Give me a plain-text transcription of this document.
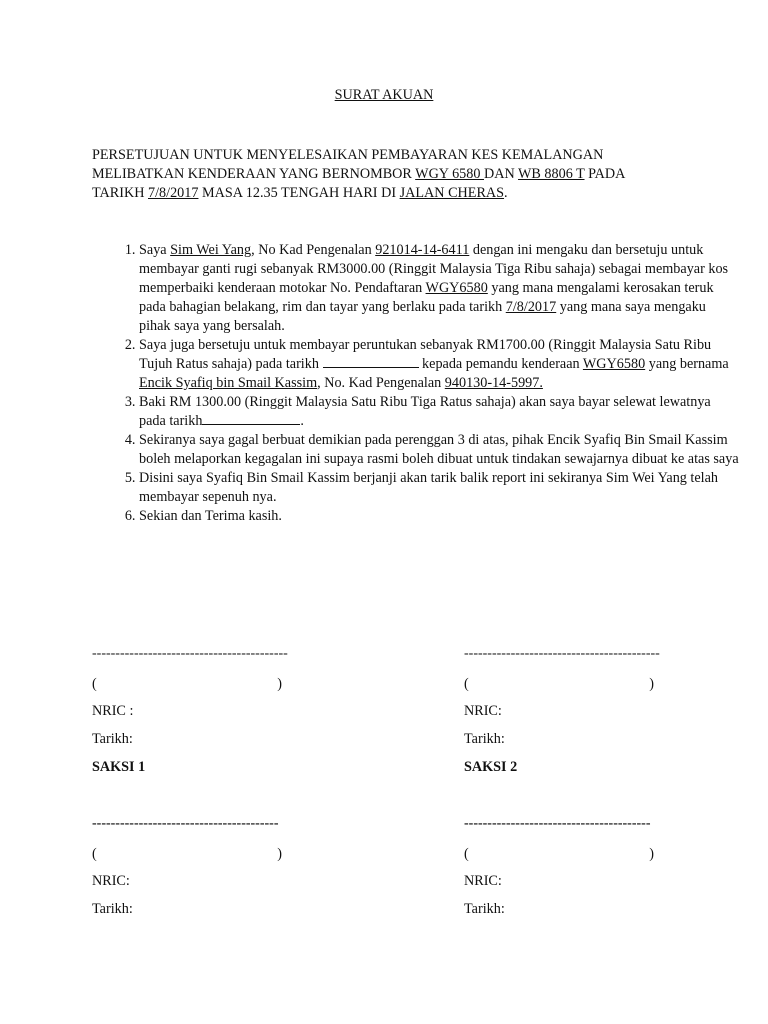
SURAT AKUAN
PERSETUJUAN UNTUK MENYELESAIKAN PEMBAYARAN KES KEMALANGAN
MELIBATKAN KENDERAAN YANG BERNOMBOR WGY 6580 DAN WB 8806 T PADA
TARIKH 7/8/2017 MASA 12.35 TENGAH HARI DI JALAN CHERAS.
1. Saya Sim Wei Yang, No Kad Pengenalan 921014-14-6411 dengan ini mengaku dan bersetuju untuk membayar ganti rugi sebanyak RM3000.00 (Ringgit Malaysia Tiga Ribu sahaja) sebagai membayar kos memperbaiki kenderaan motokar No. Pendaftaran WGY6580 yang mana mengalami kerosakan teruk pada bahagian belakang, rim dan tayar yang berlaku pada tarikh 7/8/2017 yang mana saya mengaku pihak saya yang bersalah.
2. Saya juga bersetuju untuk membayar peruntukan sebanyak RM1700.00 (Ringgit Malaysia Satu Ribu Tujuh Ratus sahaja) pada tarikh	kepada pemandu kenderaan WGY6580 yang bernama Encik Syafiq bin Smail Kassim, No. Kad Pengenalan 940130-14-5997.
3. Baki RM 1300.00 (Ringgit Malaysia Satu Ribu Tiga Ratus sahaja) akan saya bayar selewat lewatnya pada tarikh	.
4. Sekiranya saya gagal berbuat demikian pada perenggan 3 di atas, pihak Encik Syafiq Bin Smail Kassim boleh melaporkan kegagalan ini supaya rasmi boleh dibuat untuk tindakan sewajarnya dibuat ke atas saya
5. Disini saya Syafiq Bin Smail Kassim berjanji akan tarik balik report ini sekiranya Sim Wei Yang telah membayar sepenuh nya.
6. Sekian dan Terima kasih.
------------------------------------------
(	)
NRIC :
Tarikh:
SAKSI 1
------------------------------------------
(	)
NRIC:
Tarikh:
SAKSI 2
----------------------------------------
(	)
NRIC:
Tarikh:
----------------------------------------
(	)
NRIC:
Tarikh:
